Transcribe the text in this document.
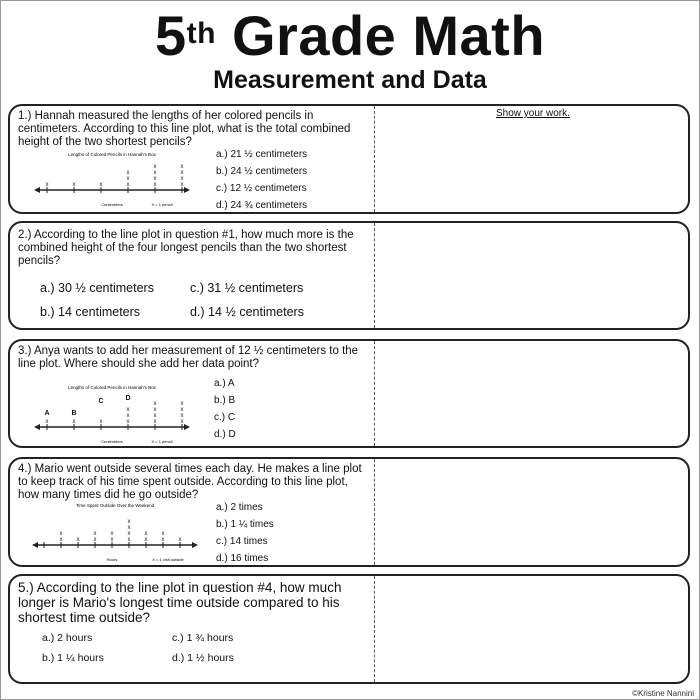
5th Grade Math
Measurement and Data
Show your work.
1.) Hannah measured the lengths of her colored pencils in centimeters. According to this line plot, what is the total combined height of the two shortest pencils?
Lengths of Colored Pencils in Hannah's Box
x	x	x	x
x
x
x
x
x
x
x
x
x
x
Centimeters	X = 1 pencil
a.) 21 ½ centimeters
b.) 24 ½ centimeters
c.) 12 ½ centimeters
d.) 24 ¾ centimeters
2.) According to the line plot in question #1, how much more is the combined height of the four longest pencils than the two shortest pencils?
a.) 30 ½ centimeters	c.) 31 ½ centimeters
b.) 14 centimeters	d.) 14 ½ centimeters
3.) Anya wants to add her measurement of 12 ½ centimeters to the line plot. Where should she add her data point?
Lengths of Colored Pencils in Hannah's Box
x	x	x	x
x
x
x
x
x
x
x
x
x
x
A	B
C	D
Centimeters	X = 1 pencil
a.) A
b.) B
c.) C
d.) D
4.) Mario went outside several times each day. He makes a line plot to keep track of his time spent outside. According to this line plot, how many times did he go outside?
Time Spent Outside Over the Weekend
x
x
x x
x
x
x
x
x
x
x
x
x
x
x
x
Hours	X = 1 visit outside
a.) 2 times
b.) 1 ¼ times
c.) 14 times
d.) 16 times
5.) According to the line plot in question #4, how much longer is Mario's longest time outside compared to his shortest time outside?
a.) 2 hours	c.) 1 ¾ hours
b.) 1 ¼ hours	d.) 1 ½ hours
©Kristine Nannini
